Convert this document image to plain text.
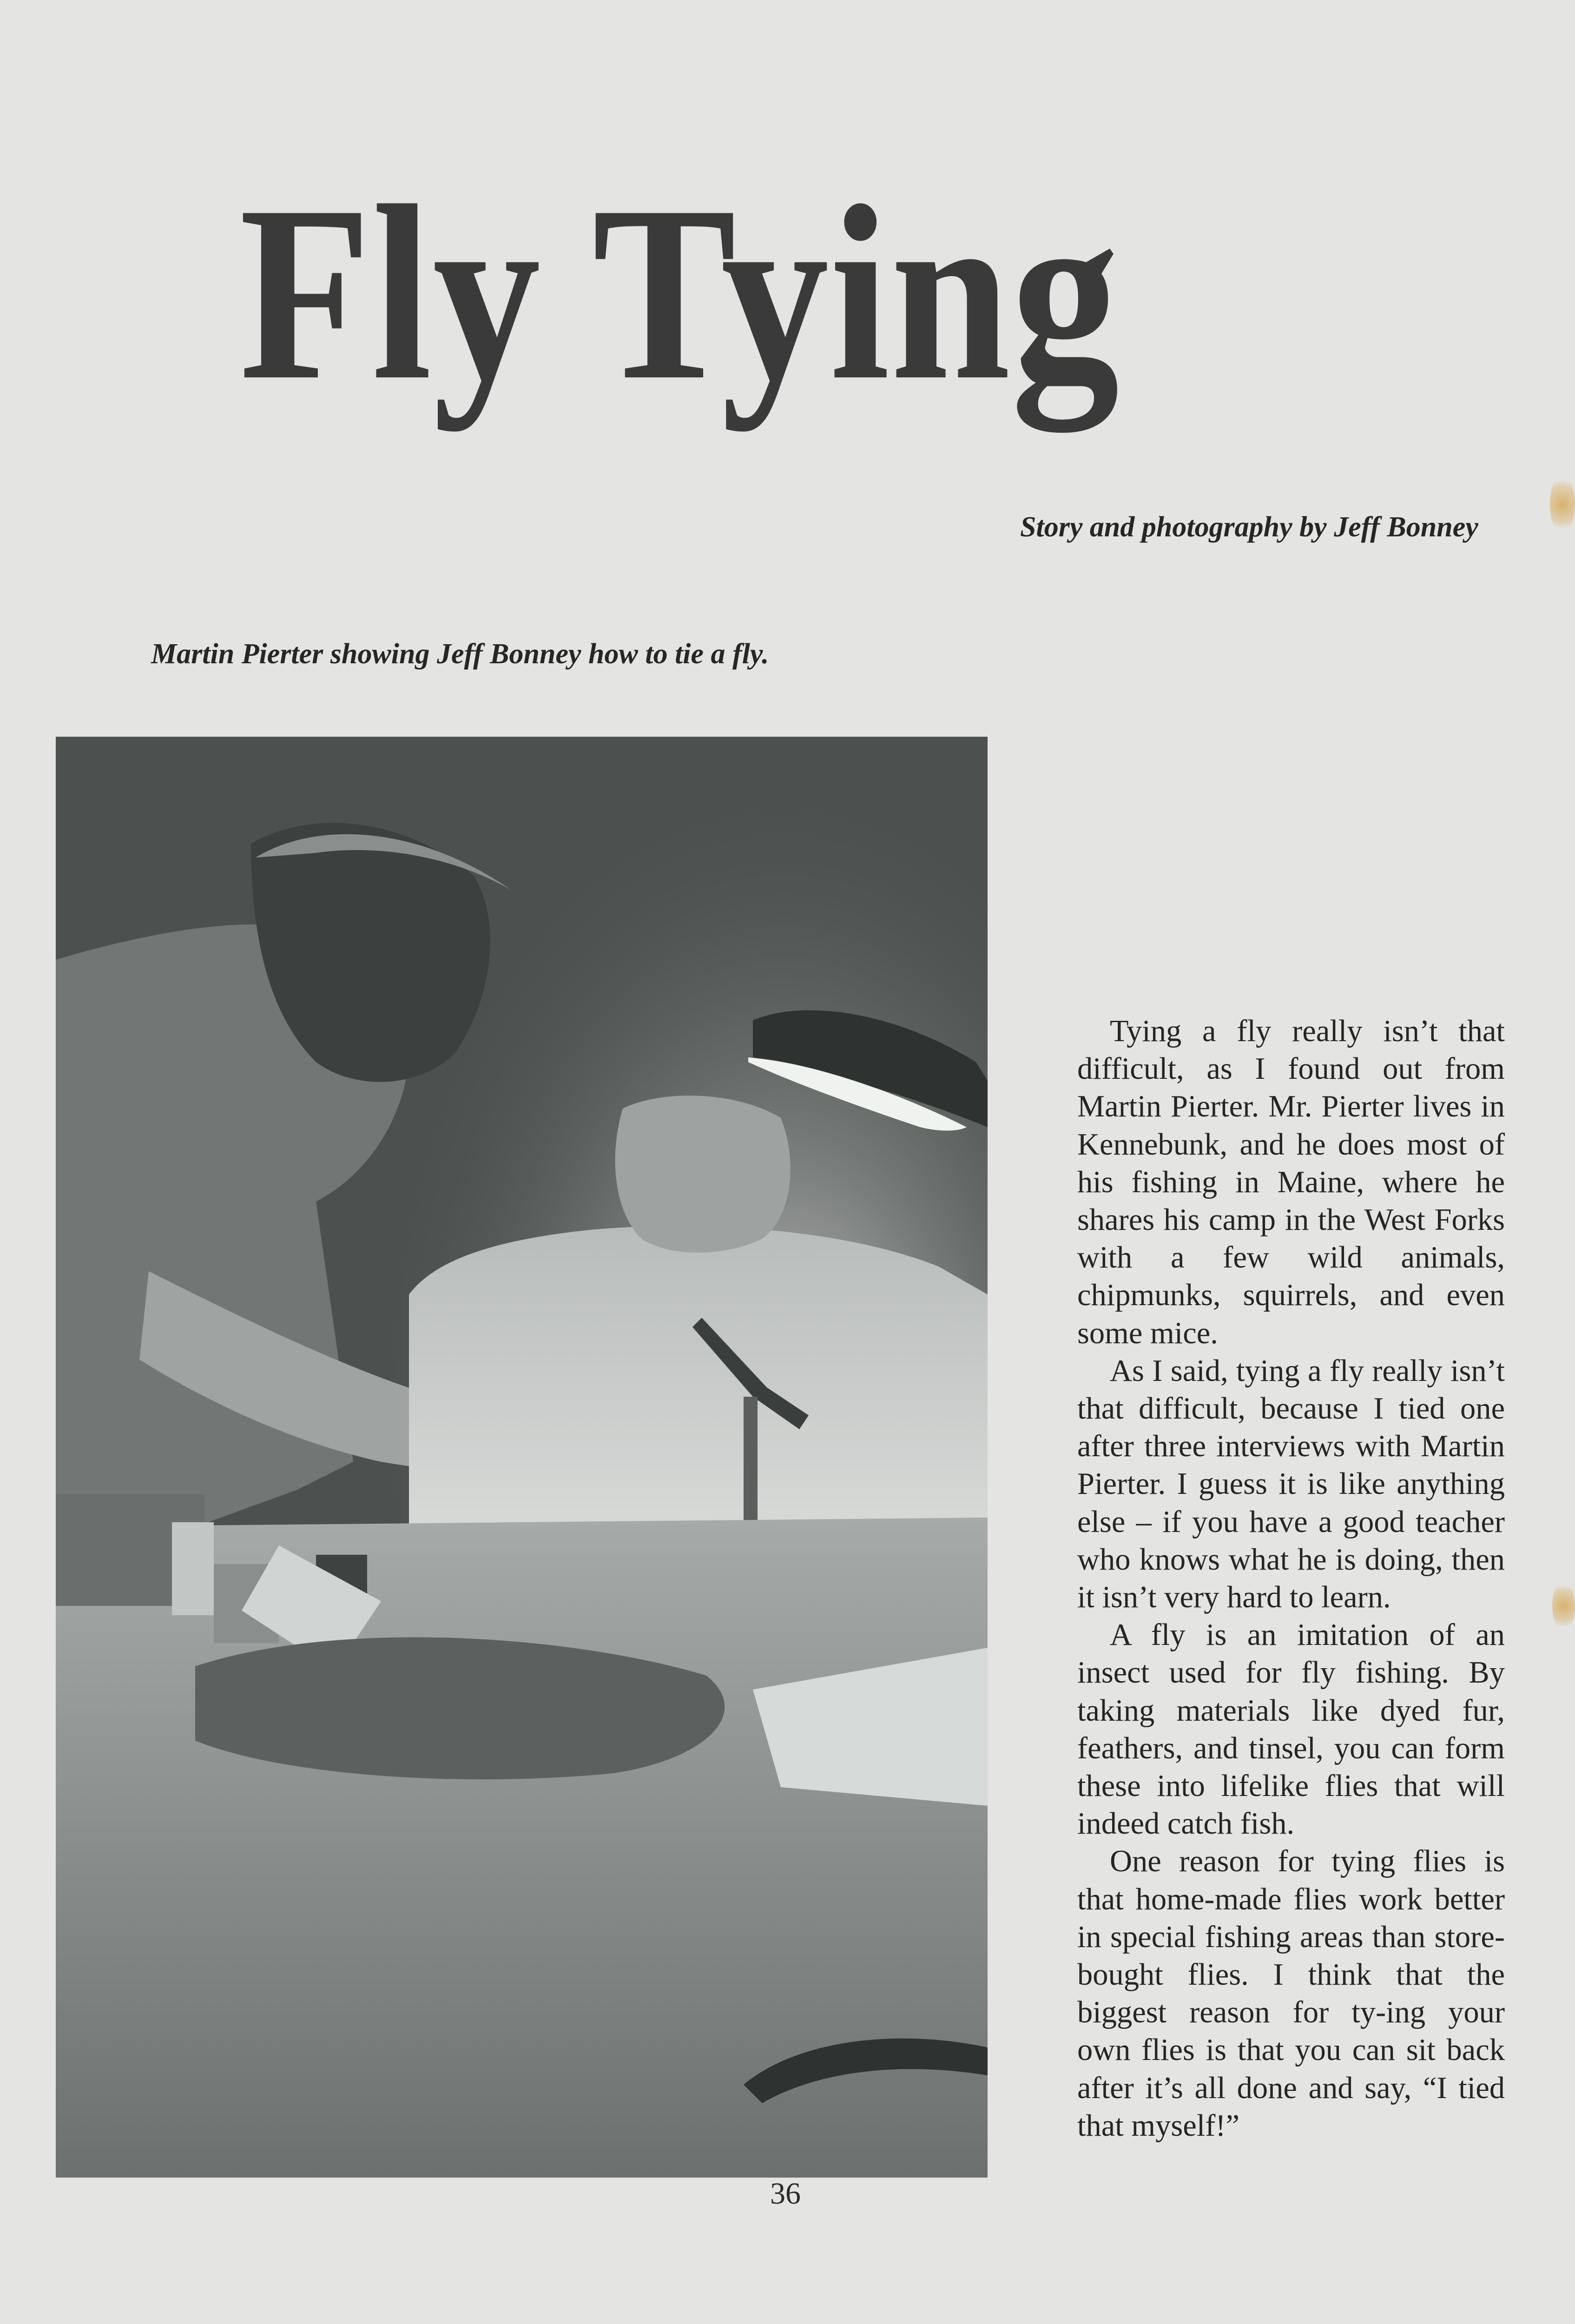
Fly Tying
Story and photography by Jeff Bonney
Martin Pierter showing Jeff Bonney how to tie a fly.

Tying a fly really isn’t that difficult, as I found out from Martin Pierter. Mr. Pierter lives in Kennebunk, and he does most of his fishing in Maine, where he shares his camp in the West Forks with a few wild animals, chipmunks, squirrels, and even some mice.

As I said, tying a fly really isn’t that difficult, because I tied one after three interviews with Martin Pierter. I guess it is like anything else – if you have a good teacher who knows what he is doing, then it isn’t very hard to learn.

A fly is an imitation of an insect used for fly fishing. By taking materials like dyed fur, feathers, and tinsel, you can form these into lifelike flies that will indeed catch fish.

One reason for tying flies is that home-made flies work better in special fishing areas than store-bought flies. I think that the biggest reason for ty-ing your own flies is that you can sit back after it’s all done and say, “I tied that myself!”

36
